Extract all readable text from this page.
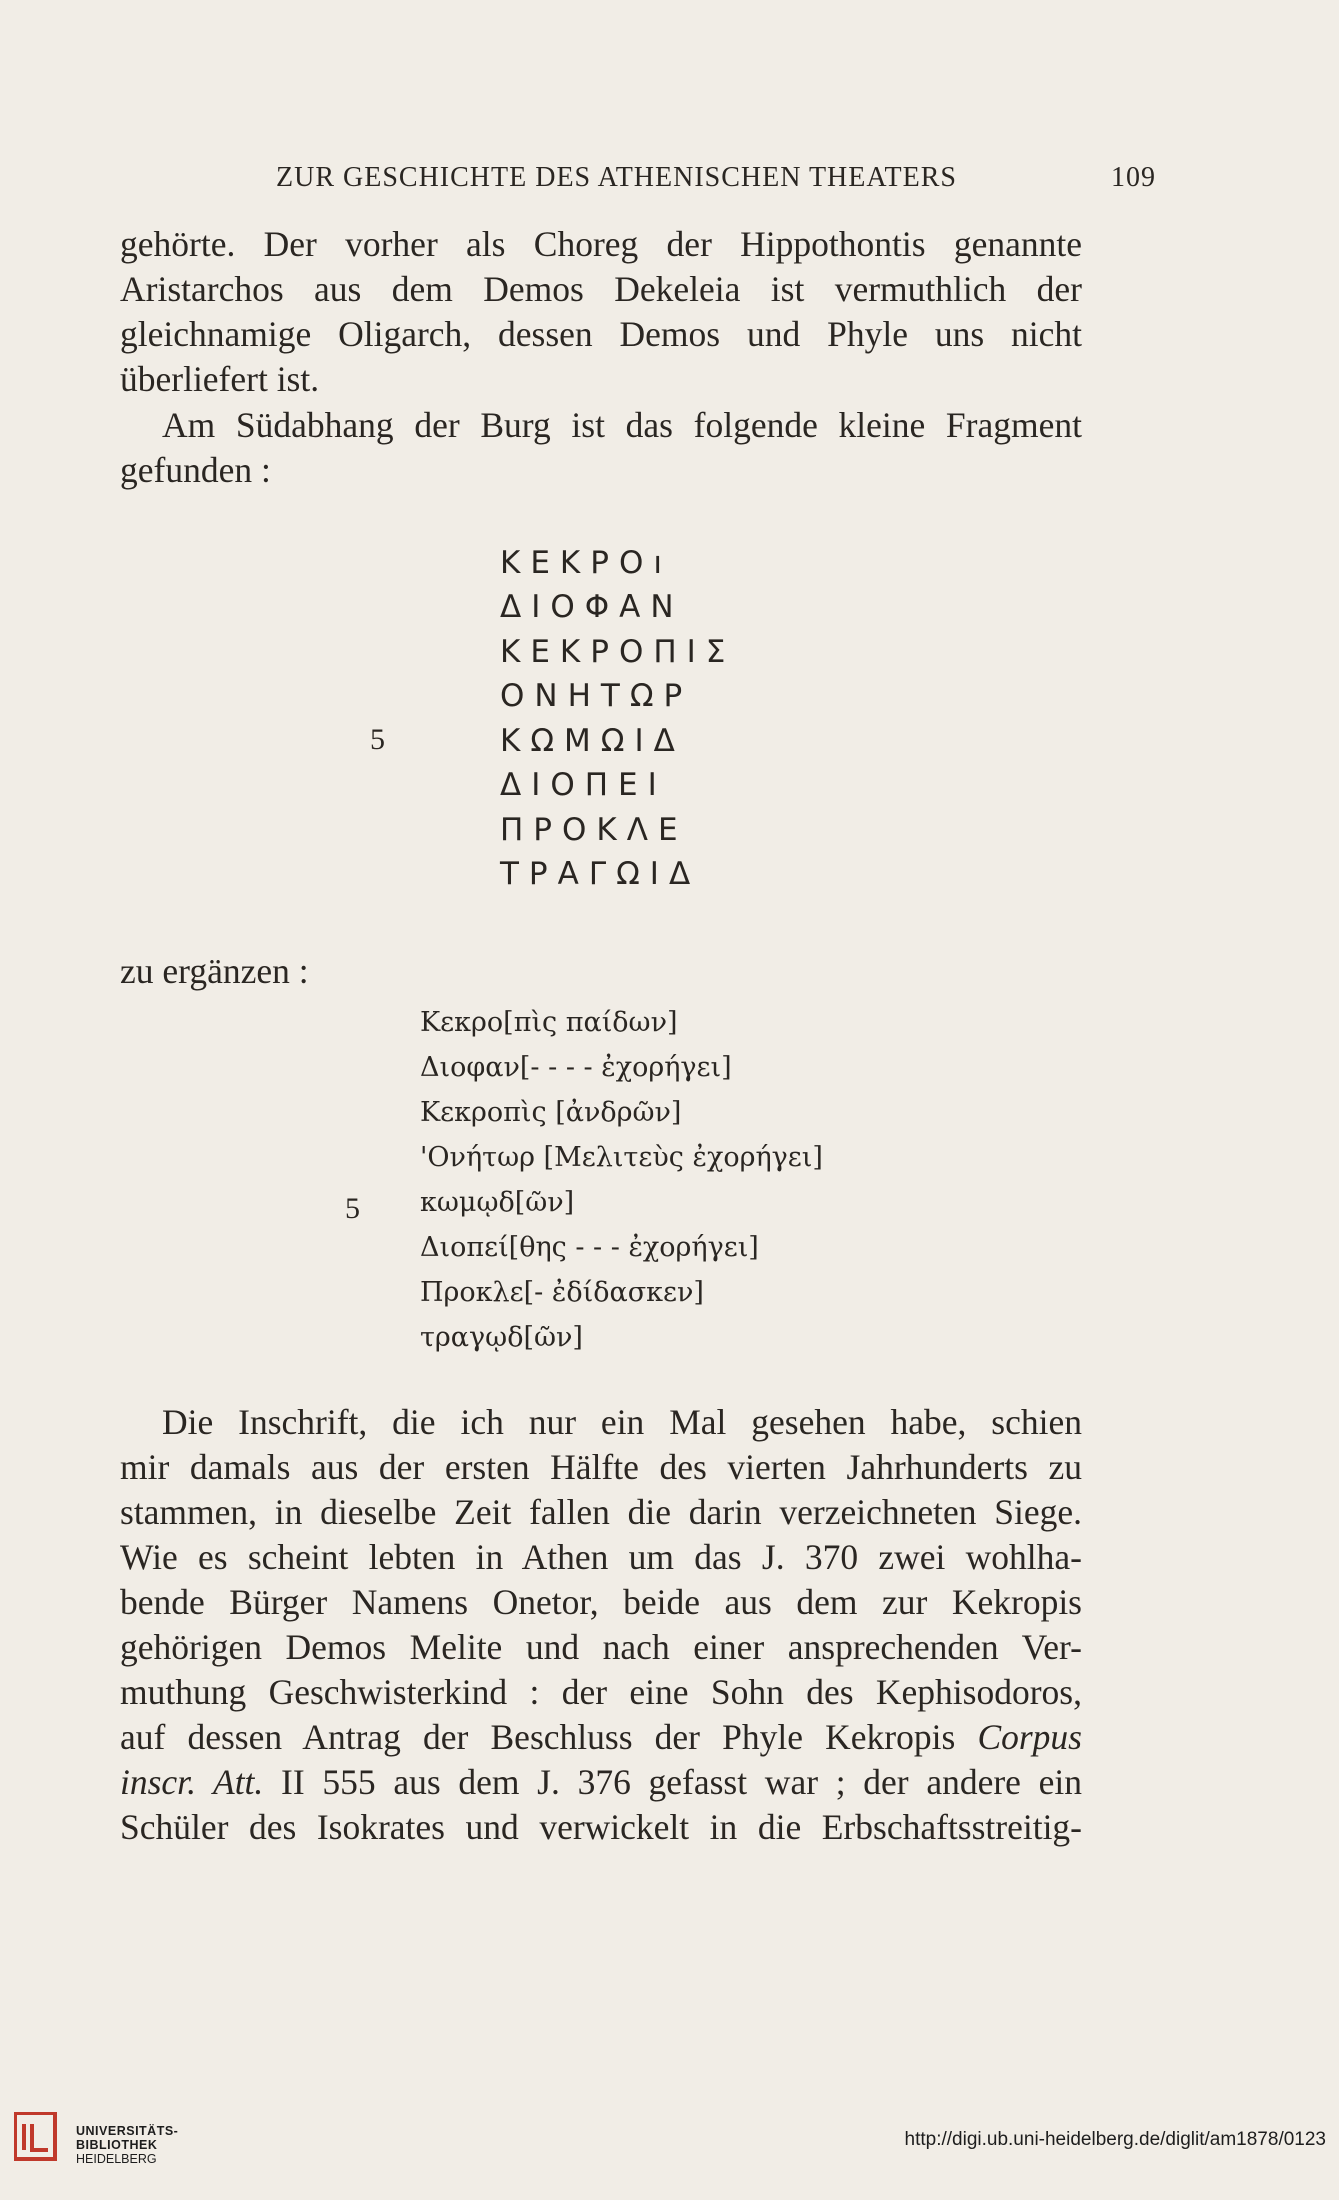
ZUR GESCHICHTE DES ATHENISCHEN THEATERS	109
gehörte. Der vorher als Choreg der Hippothontis genannte
Aristarchos aus dem Demos Dekeleia ist vermuthlich der
gleichnamige Oligarch, dessen Demos und Phyle uns nicht
überliefert ist.
Am Südabhang der Burg ist das folgende kleine Fragment
gefunden :
ΚΕΚΡΟı
ΔΙΟΦΑΝ
ΚΕΚΡΟΠΙΣ
ΟΝΗΤΩΡ
ΚΩΜΩΙΔ
ΔΙΟΠΕΙ
ΠΡΟΚΛΕ
ΤΡΑΓΩΙΔ
5
zu ergänzen :
Κεκρο[πὶς παίδων]
Διοφαν[- - - - ἐχορήγει]
Κεκροπὶς [ἀνδρῶν]
'Ονήτωρ [Μελιτεὺς ἐχορήγει]
κωμῳδ[ῶν]
Διοπεί[θης - - - ἐχορήγει]
Προκλε[- ἐδίδασκεν]
τραγῳδ[ῶν]
5
Die Inschrift, die ich nur ein Mal gesehen habe, schien
mir damals aus der ersten Hälfte des vierten Jahrhunderts zu
stammen, in dieselbe Zeit fallen die darin verzeichneten Siege.
Wie es scheint lebten in Athen um das J. 370 zwei wohlha-
bende Bürger Namens Onetor, beide aus dem zur Kekropis
gehörigen Demos Melite und nach einer ansprechenden Ver-
muthung Geschwisterkind : der eine Sohn des Kephisodoros,
auf dessen Antrag der Beschluss der Phyle Kekropis Corpus
inscr. Att. II 555 aus dem J. 376 gefasst war ; der andere ein
Schüler des Isokrates und verwickelt in die Erbschaftsstreitig-
UNIVERSITÄTS-
BIBLIOTHEK
HEIDELBERG
http://digi.ub.uni-heidelberg.de/diglit/am1878/0123
